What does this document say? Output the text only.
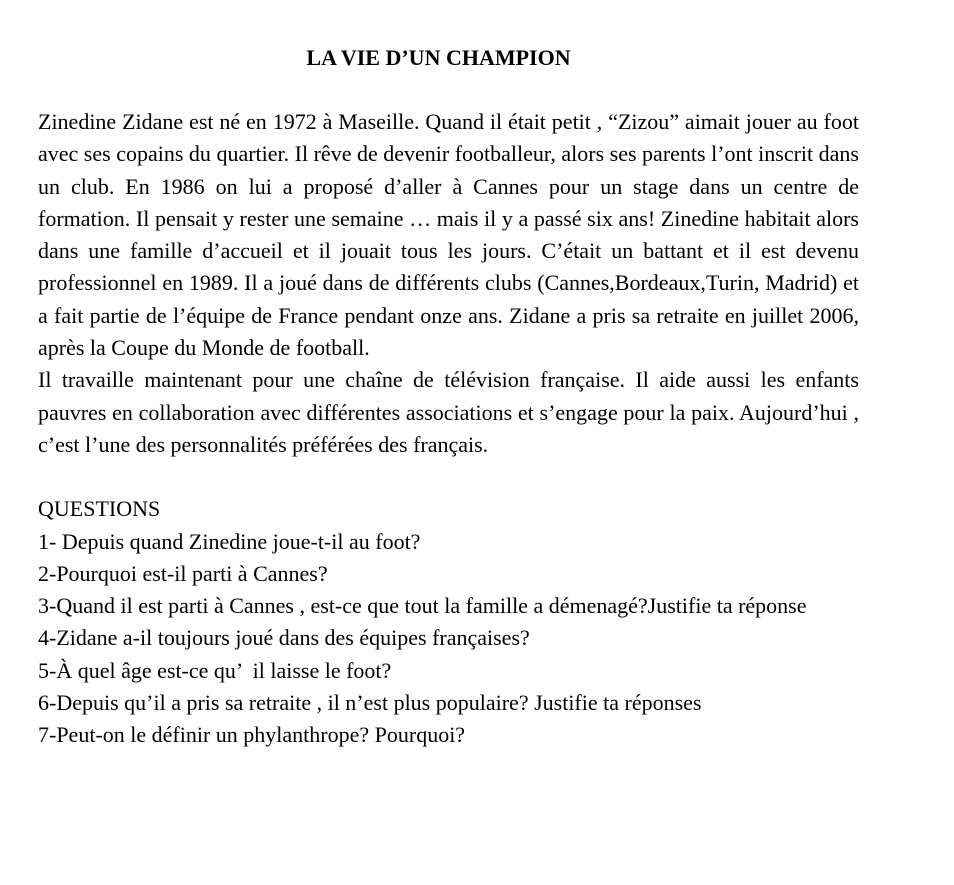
LA VIE D’UN CHAMPION

Zinedine Zidane est né en 1972 à Maseille. Quand il était petit , “Zizou” aimait jouer au foot avec ses copains du quartier. Il rêve de devenir footballeur, alors ses parents l’ont inscrit dans un club. En 1986 on lui a proposé d’aller à Cannes pour un stage dans un centre de formation. Il pensait y rester une semaine … mais il y a passé six ans! Zinedine habitait alors dans une famille d’accueil et il jouait tous les jours. C’était un battant et il est devenu professionnel en 1989. Il a joué dans de différents clubs (Cannes,Bordeaux,Turin, Madrid) et a fait partie de l’équipe de France pendant onze ans. Zidane a pris sa retraite en juillet 2006, après la Coupe du Monde de football.

Il travaille maintenant pour une chaîne de télévision française. Il aide aussi les enfants pauvres en collaboration avec différentes associations et s’engage pour la paix. Aujourd’hui , c’est l’une des personnalités préférées des français.

QUESTIONS

1- Depuis quand Zinedine joue-t-il au foot?

2-Pourquoi est-il parti à Cannes?

3-Quand il est parti à Cannes , est-ce que tout la famille a démenagé?Justifie ta réponse

4-Zidane a-il toujours joué dans des équipes françaises?

5-À quel âge est-ce qu’  il laisse le foot?

6-Depuis qu’il a pris sa retraite , il n’est plus populaire? Justifie ta réponses

7-Peut-on le définir un phylanthrope? Pourquoi?
